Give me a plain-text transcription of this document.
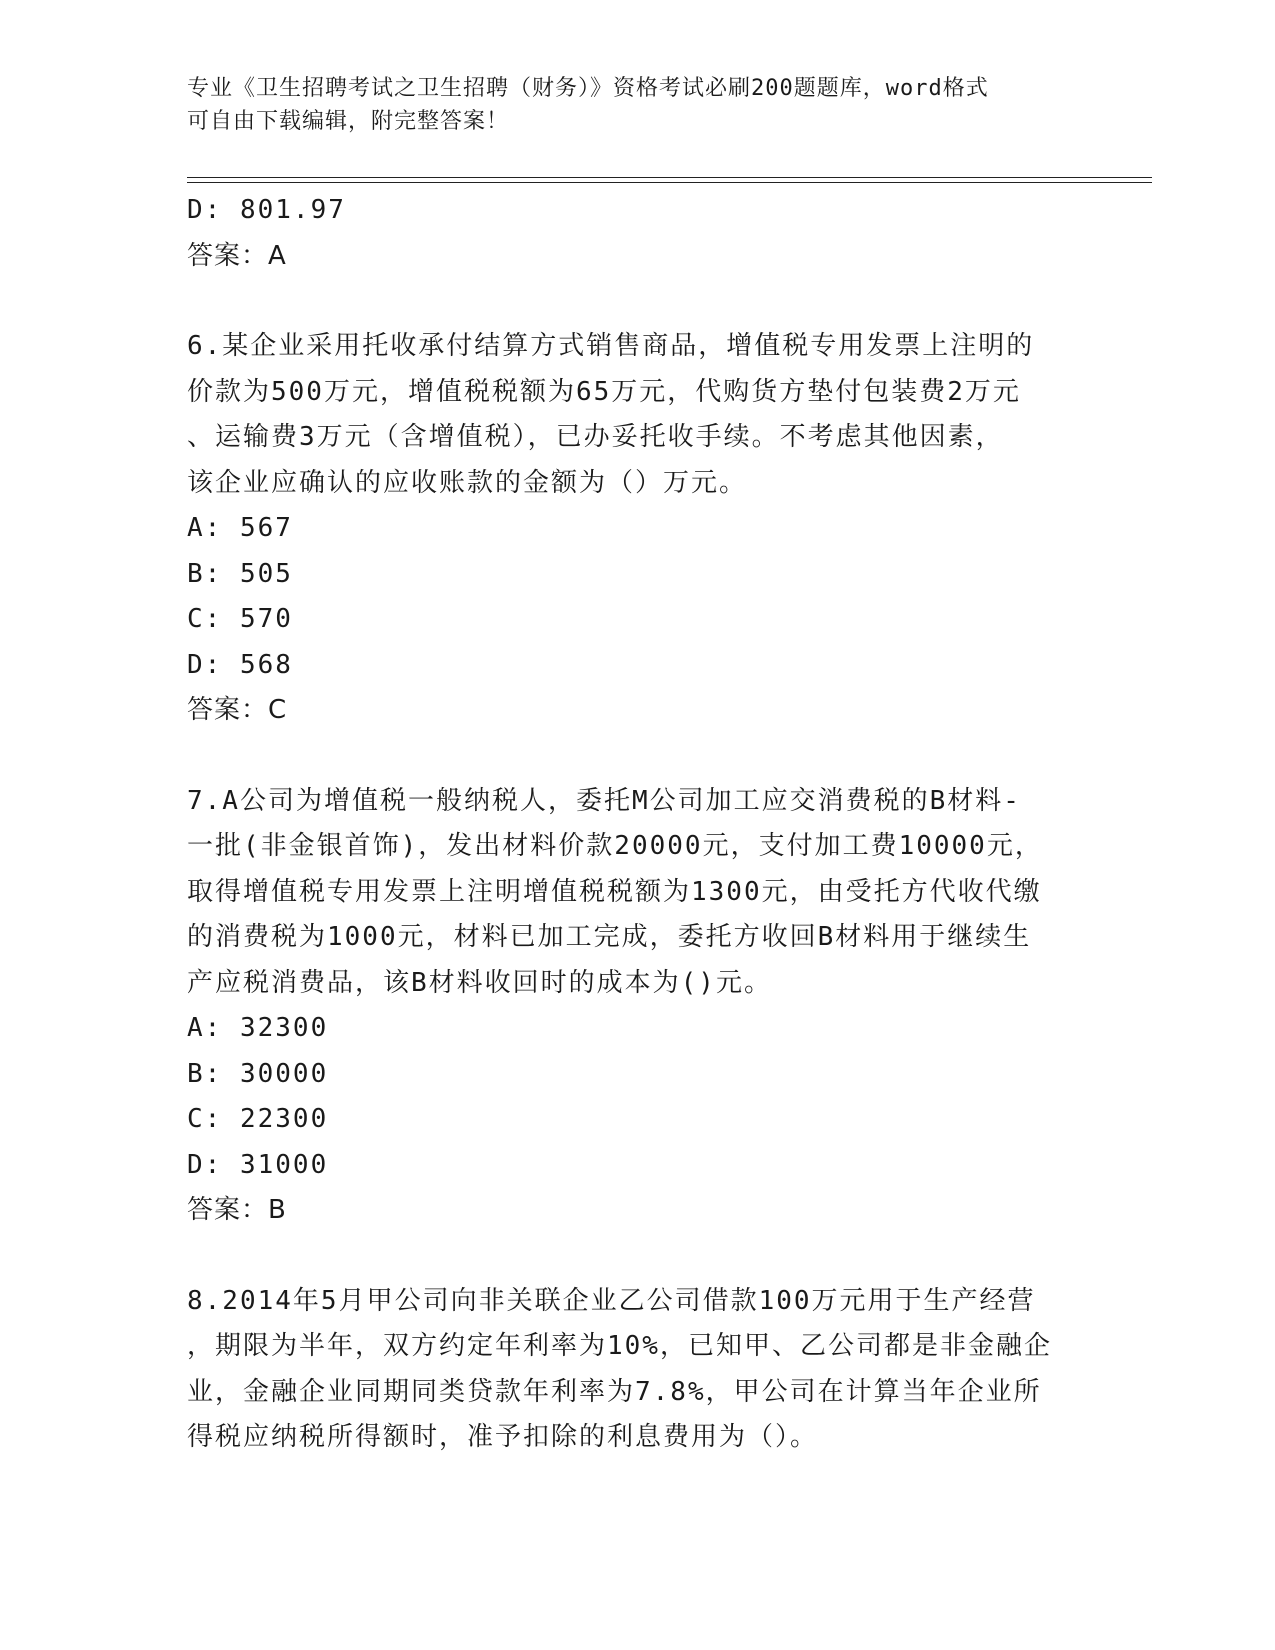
专业《卫生招聘考试之卫生招聘（财务）》资格考试必刷200题题库，word格式
可自由下载编辑，附完整答案！
D: 801.97
答案：A
6.某企业采用托收承付结算方式销售商品，增值税专用发票上注明的
价款为500万元，增值税税额为65万元，代购货方垫付包装费2万元
、运输费3万元（含增值税），已办妥托收手续。不考虑其他因素，
该企业应确认的应收账款的金额为（）万元。
A: 567
B: 505
C: 570
D: 568
答案：C
7.A公司为增值税一般纳税人，委托M公司加工应交消费税的B材料-
一批(非金银首饰)，发出材料价款20000元，支付加工费10000元，
取得增值税专用发票上注明增值税税额为1300元，由受托方代收代缴
的消费税为1000元，材料已加工完成，委托方收回B材料用于继续生
产应税消费品，该B材料收回时的成本为()元。
A: 32300
B: 30000
C: 22300
D: 31000
答案：B
8.2014年5月甲公司向非关联企业乙公司借款100万元用于生产经营
，期限为半年，双方约定年利率为10%，已知甲、乙公司都是非金融企
业，金融企业同期同类贷款年利率为7.8%，甲公司在计算当年企业所
得税应纳税所得额时，准予扣除的利息费用为（）。
